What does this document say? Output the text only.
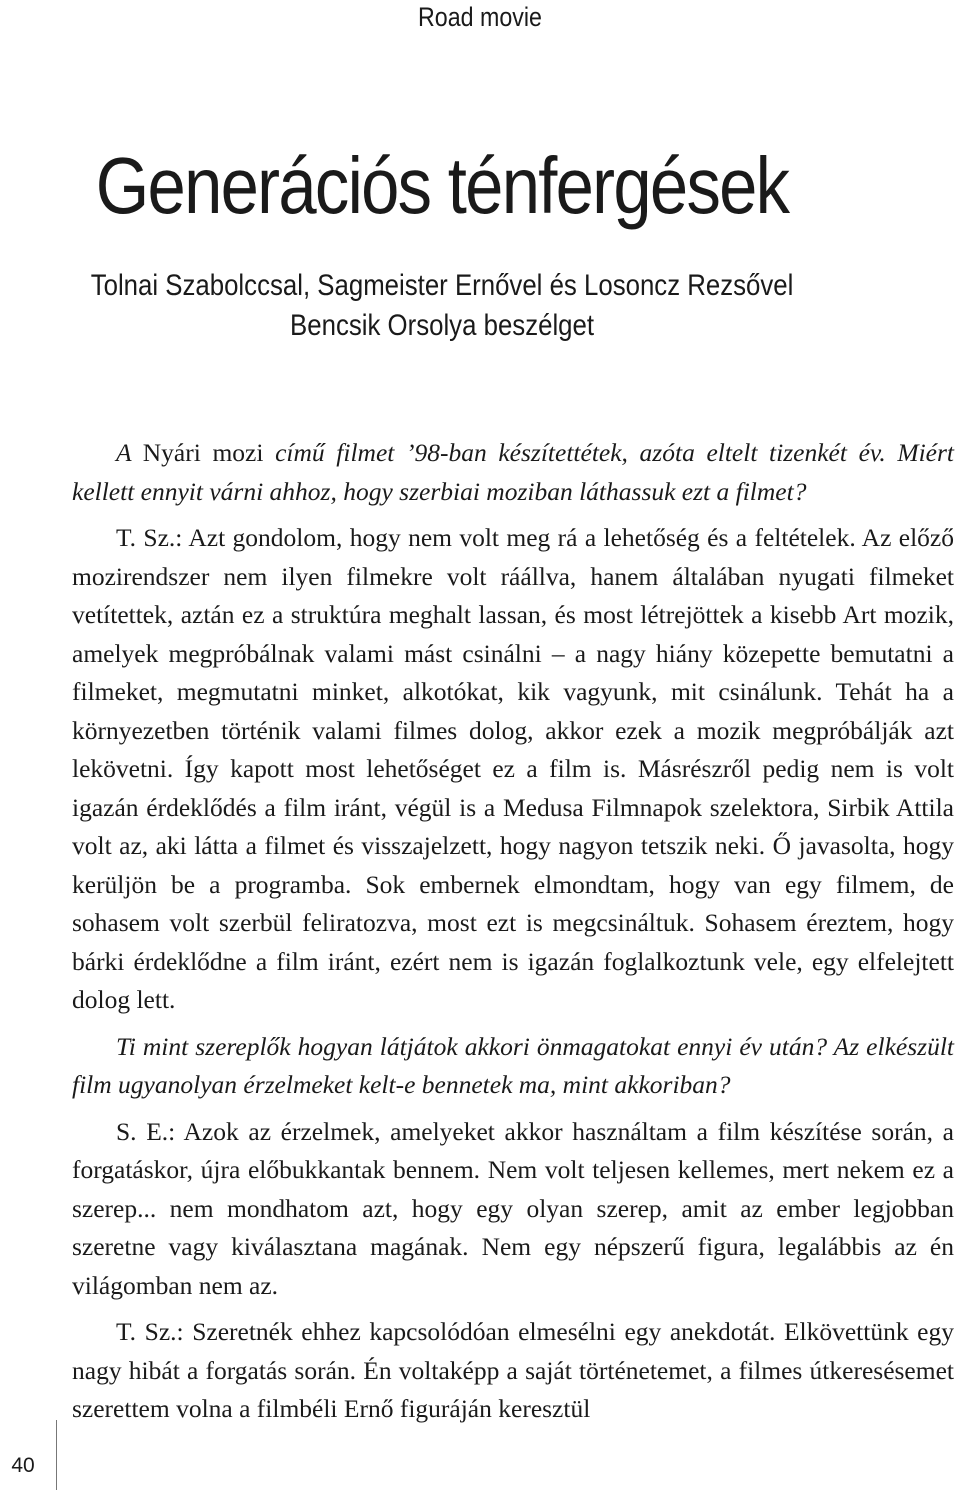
Road movie
Generációs ténfergések
Tolnai Szabolccsal, Sagmeister Ernővel és Losoncz Rezsővel
Bencsik Orsolya beszélget

A Nyári mozi című filmet ’98-ban készítettétek, azóta eltelt tizenkét év. Miért kellett ennyit várni ahhoz, hogy szerbiai moziban láthassuk ezt a filmet?

T. Sz.: Azt gondolom, hogy nem volt meg rá a lehetőség és a feltételek. Az előző mozirendszer nem ilyen filmekre volt ráállva, hanem általában nyugati filmeket vetítettek, aztán ez a struktúra meghalt lassan, és most létrejöttek a kisebb Art mozik, amelyek megpróbálnak valami mást csinálni – a nagy hiány közepette bemutatni a filmeket, megmutatni minket, alkotókat, kik vagyunk, mit csinálunk. Tehát ha a környezetben történik valami filmes dolog, akkor ezek a mozik megpróbálják azt lekövetni. Így kapott most lehetőséget ez a film is. Másrészről pedig nem is volt igazán érdeklődés a film iránt, végül is a Medusa Filmnapok szelektora, Sirbik Attila volt az, aki látta a filmet és visszajelzett, hogy nagyon tetszik neki. Ő javasolta, hogy kerüljön be a programba. Sok embernek elmondtam, hogy van egy filmem, de sohasem volt szerbül feliratozva, most ezt is megcsináltuk. Sohasem éreztem, hogy bárki érdeklődne a film iránt, ezért nem is igazán foglalkoztunk vele, egy elfelejtett dolog lett.

Ti mint szereplők hogyan látjátok akkori önmagatokat ennyi év után? Az elkészült film ugyanolyan érzelmeket kelt-e bennetek ma, mint akkoriban?

S. E.: Azok az érzelmek, amelyeket akkor használtam a film készítése során, a forgatáskor, újra előbukkantak bennem. Nem volt teljesen kellemes, mert nekem ez a szerep... nem mondhatom azt, hogy egy olyan szerep, amit az ember legjobban szeretne vagy kiválasztana magának. Nem egy népszerű figura, legalábbis az én világomban nem az.

T. Sz.: Szeretnék ehhez kapcsolódóan elmesélni egy anekdotát. Elkövettünk egy nagy hibát a forgatás során. Én voltaképp a saját történetemet, a filmes útkeresésemet szerettem volna a filmbéli Ernő figuráján keresztül

40
